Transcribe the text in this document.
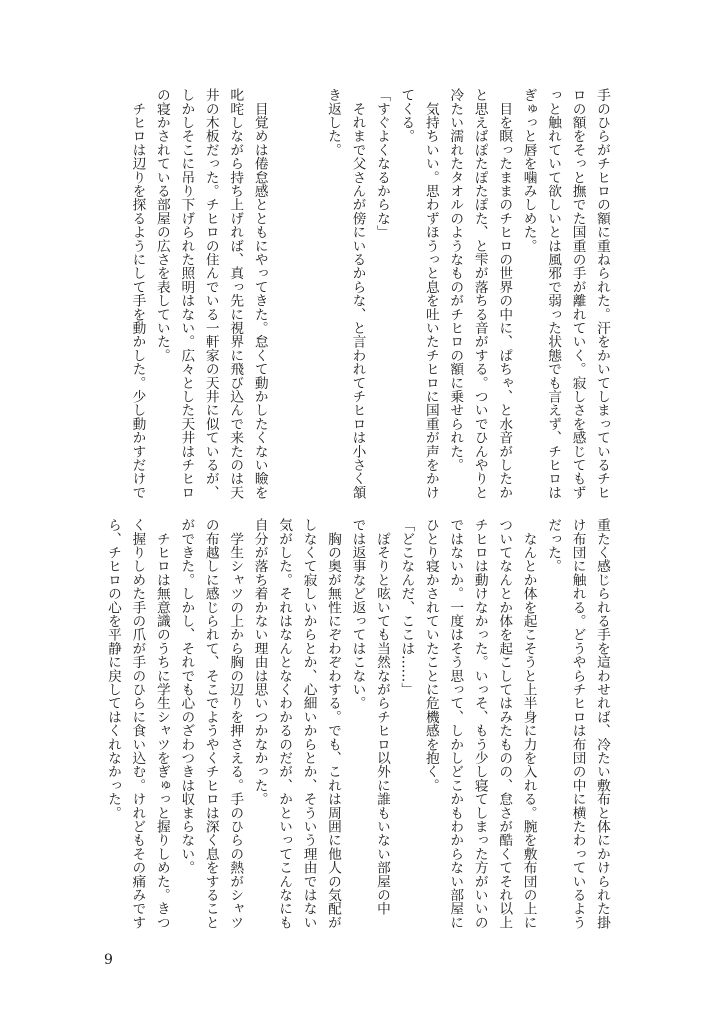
手のひらがチヒロの額に重ねられた。汗をかいてしまっているチヒ
ロの額をそっと撫でた国重の手が離れていく。寂しさを感じてもず
っと触れていて欲しいとは風邪で弱った状態でも言えず、チヒロは
ぎゅっと唇を噛みしめた。
　目を瞑ったままのチヒロの世界の中に、ぱちゃ、と水音がしたか
と思えばぽたぽたぽた、と雫が落ちる音がする。ついでひんやりと
冷たい濡れたタオルのようなものがチヒロの額に乗せられた。
　気持ちいい。思わずほうっと息を吐いたチヒロに国重が声をかけ
てくる。
「すぐよくなるからな」
　それまで父さんが傍にいるからな、と言われてチヒロは小さく頷
き返した。
　目覚めは倦怠感とともにやってきた。怠くて動かしたくない瞼を
叱咤しながら持ち上げれば、真っ先に視界に飛び込んで来たのは天
井の木板だった。チヒロの住んでいる一軒家の天井に似ているが、
しかしそこに吊り下げられた照明はない。広々とした天井はチヒロ
の寝かされている部屋の広さを表していた。
　チヒロは辺りを探るようにして手を動かした。少し動かすだけで
重たく感じられる手を這わせれば、冷たい敷布と体にかけられた掛
け布団に触れる。どうやらチヒロは布団の中に横たわっているよう
だった。
　なんとか体を起こそうと上半身に力を入れる。腕を敷布団の上に
ついてなんとか体を起こしてはみたものの、怠さが酷くてそれ以上
チヒロは動けなかった。いっそ、もう少し寝てしまった方がいいの
ではないか。一度はそう思って、しかしどこかもわからない部屋に
ひとり寝かされていたことに危機感を抱く。
「どこなんだ、ここは……」
　ぽそりと呟いても当然ながらチヒロ以外に誰もいない部屋の中
では返事など返ってはこない。
　胸の奥が無性にぞわぞわする。でも、これは周囲に他人の気配が
しなくて寂しいからとか、心細いからとか、そういう理由ではない
気がした。それはなんとなくわかるのだが、かといってこんなにも
自分が落ち着かない理由は思いつかなかった。
　学生シャツの上から胸の辺りを押さえる。手のひらの熱がシャツ
の布越しに感じられて、そこでようやくチヒロは深く息をすること
ができた。しかし、それでも心のざわつきは収まらない。
　チヒロは無意識のうちに学生シャツをぎゅっと握りしめた。きつ
く握りしめた手の爪が手のひらに食い込む。けれどもその痛みです
ら、チヒロの心を平静に戻してはくれなかった。
9
